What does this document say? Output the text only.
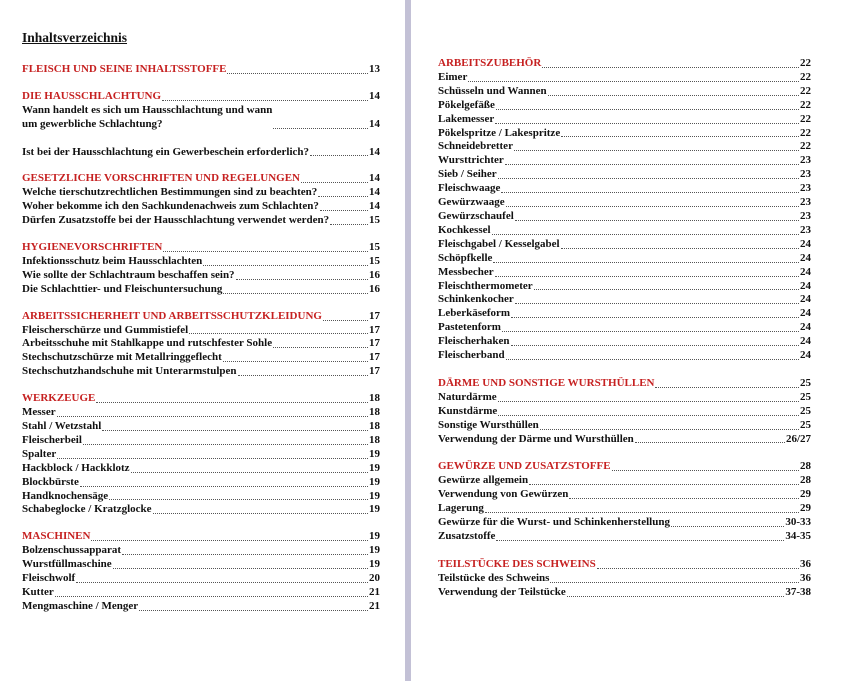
Inhaltsverzeichnis
FLEISCH UND SEINE INHALTSSTOFFE	13
DIE HAUSSCHLACHTUNG	14
Wann handelt es sich um Hausschlachtung und wann
um gewerbliche Schlachtung?	14
Ist bei der Hausschlachtung ein Gewerbeschein erforderlich?	14
GESETZLICHE VORSCHRIFTEN UND REGELUNGEN	14
Welche tierschutzrechtlichen Bestimmungen sind zu beachten?	14
Woher bekomme ich den Sachkundenachweis zum Schlachten?	14
Dürfen Zusatzstoffe bei der Hausschlachtung verwendet werden?	15
HYGIENEVORSCHRIFTEN	15
Infektionsschutz beim Hausschlachten	15
Wie sollte der Schlachtraum beschaffen sein?	16
Die Schlachttier- und Fleischuntersuchung	16
ARBEITSSICHERHEIT UND ARBEITSSCHUTZKLEIDUNG	17
Fleischerschürze und Gummistiefel	17
Arbeitsschuhe mit Stahlkappe und rutschfester Sohle	17
Stechschutzschürze mit Metallringgeflecht	17
Stechschutzhandschuhe mit Unterarmstulpen	17
WERKZEUGE	18
Messer	18
Stahl / Wetzstahl	18
Fleischerbeil	18
Spalter	19
Hackblock / Hackklotz	19
Blockbürste	19
Handknochensäge	19
Schabeglocke / Kratzglocke	19
MASCHINEN	19
Bolzenschussapparat	19
Wurstfüllmaschine	19
Fleischwolf	20
Kutter	21
Mengmaschine / Menger	21
ARBEITSZUBEHÖR	22
Eimer	22
Schüsseln und Wannen	22
Pökelgefäße	22
Lakemesser	22
Pökelspritze / Lakespritze	22
Schneidebretter	22
Wursttrichter	23
Sieb / Seiher	23
Fleischwaage	23
Gewürzwaage	23
Gewürzschaufel	23
Kochkessel	23
Fleischgabel / Kesselgabel	24
Schöpfkelle	24
Messbecher	24
Fleischthermometer	24
Schinkenkocher	24
Leberkäseform	24
Pastetenform	24
Fleischerhaken	24
Fleischerband	24
DÄRME UND SONSTIGE WURSTHÜLLEN	25
Naturdärme	25
Kunstdärme	25
Sonstige Wursthüllen	25
Verwendung der Därme und Wursthüllen	26/27
GEWÜRZE UND ZUSATZSTOFFE	28
Gewürze allgemein	28
Verwendung von Gewürzen	29
Lagerung	29
Gewürze für die Wurst- und Schinkenherstellung	30-33
Zusatzstoffe	34-35
TEILSTÜCKE DES SCHWEINS	36
Teilstücke des Schweins	36
Verwendung der Teilstücke	37-38
